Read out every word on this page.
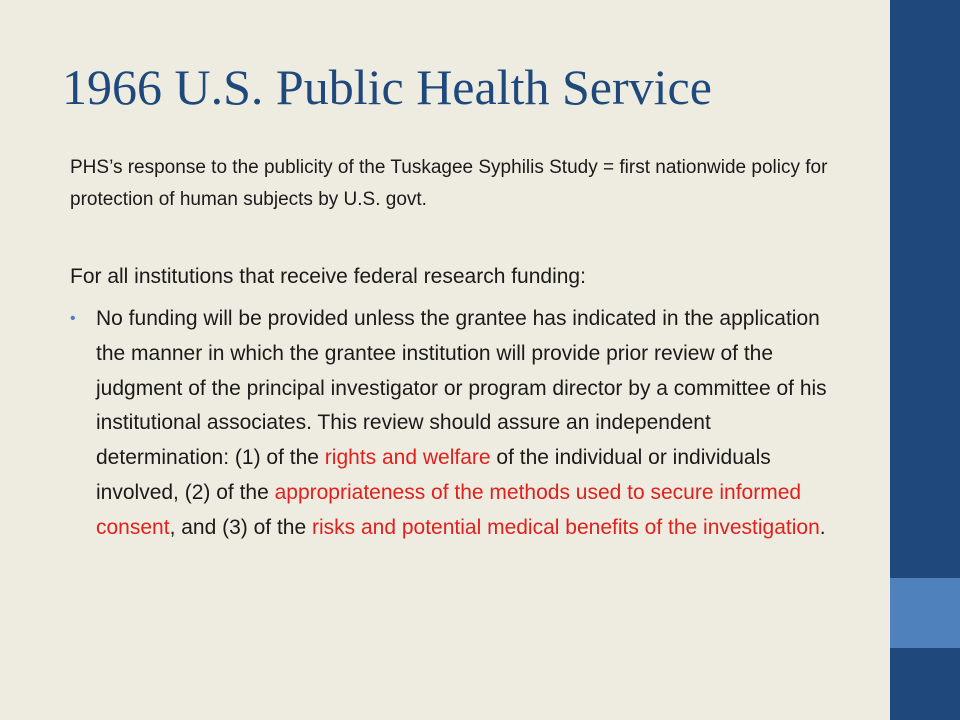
1966 U.S. Public Health Service

PHS’s response to the publicity of the Tuskagee Syphilis Study = first nationwide policy for protection of human subjects by U.S. govt.

For all institutions that receive federal research funding:

• No funding will be provided unless the grantee has indicated in the application the manner in which the grantee institution will provide prior review of the judgment of the principal investigator or program director by a committee of his institutional associates. This review should assure an independent determination: (1) of the rights and welfare of the individual or individuals involved, (2) of the appropriateness of the methods used to secure informed consent, and (3) of the risks and potential medical benefits of the investigation.
